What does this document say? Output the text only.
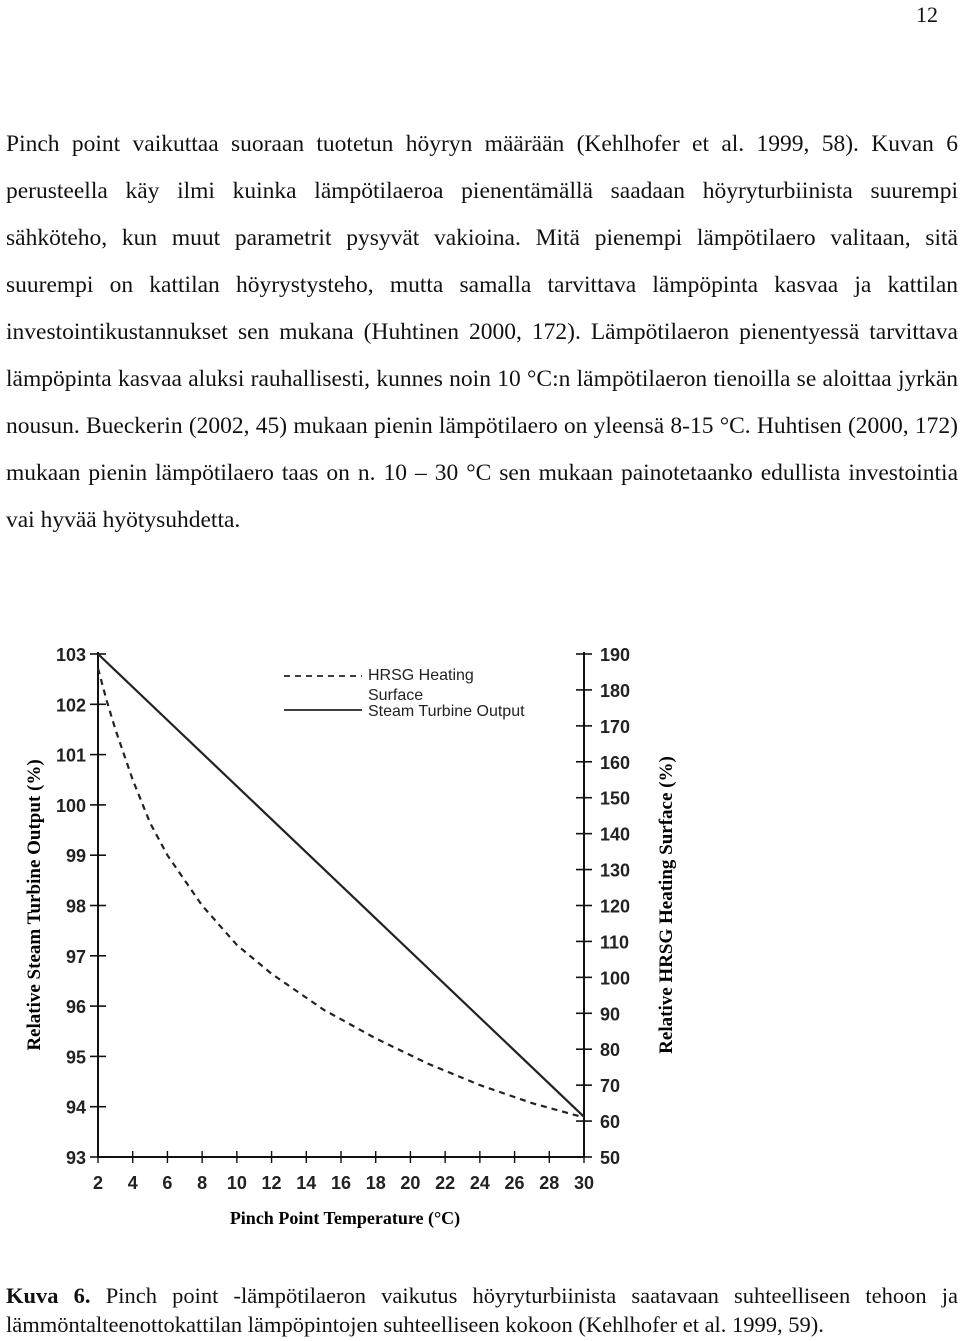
12

Pinch point vaikuttaa suoraan tuotetun höyryn määrään (Kehlhofer et al. 1999, 58). Kuvan 6 perusteella käy ilmi kuinka lämpötilaeroa pienentämällä saadaan höyryturbiinista suurempi sähköteho, kun muut parametrit pysyvät vakioina. Mitä pienempi lämpötilaero valitaan, sitä suurempi on kattilan höyrystysteho, mutta samalla tarvittava lämpöpinta kasvaa ja kattilan investointikustannukset sen mukana (Huhtinen 2000, 172). Lämpötilaeron pienentyessä tarvittava lämpöpinta kasvaa aluksi rauhallisesti, kunnes noin 10 °C:n lämpötilaeron tienoilla se aloittaa jyrkän nousun. Bueckerin (2002, 45) mukaan pienin lämpötilaero on yleensä 8-15 °C. Huhtisen (2000, 172) mukaan pienin lämpötilaero taas on n. 10 – 30 °C sen mukaan painotetaanko edullista investointia vai hyvää hyötysuhdetta.

93
94
95
96
97
98
99
100
101
102
103
50
60
70
80
90
100
110
120
130
140
150
160
170
180
190
2 4 6 8 10 12 14 16 18 20 22 24 26 28 30
HRSG Heating
Surface
Steam Turbine Output
Pinch Point Temperature (°C)
Relative Steam Turbine Output (%)	Relative HRSG Heating Surface (%)

Kuva 6. Pinch point -lämpötilaeron vaikutus höyryturbiinista saatavaan suhteelliseen tehoon ja lämmöntalteenottokattilan lämpöpintojen suhteelliseen kokoon (Kehlhofer et al. 1999, 59).
